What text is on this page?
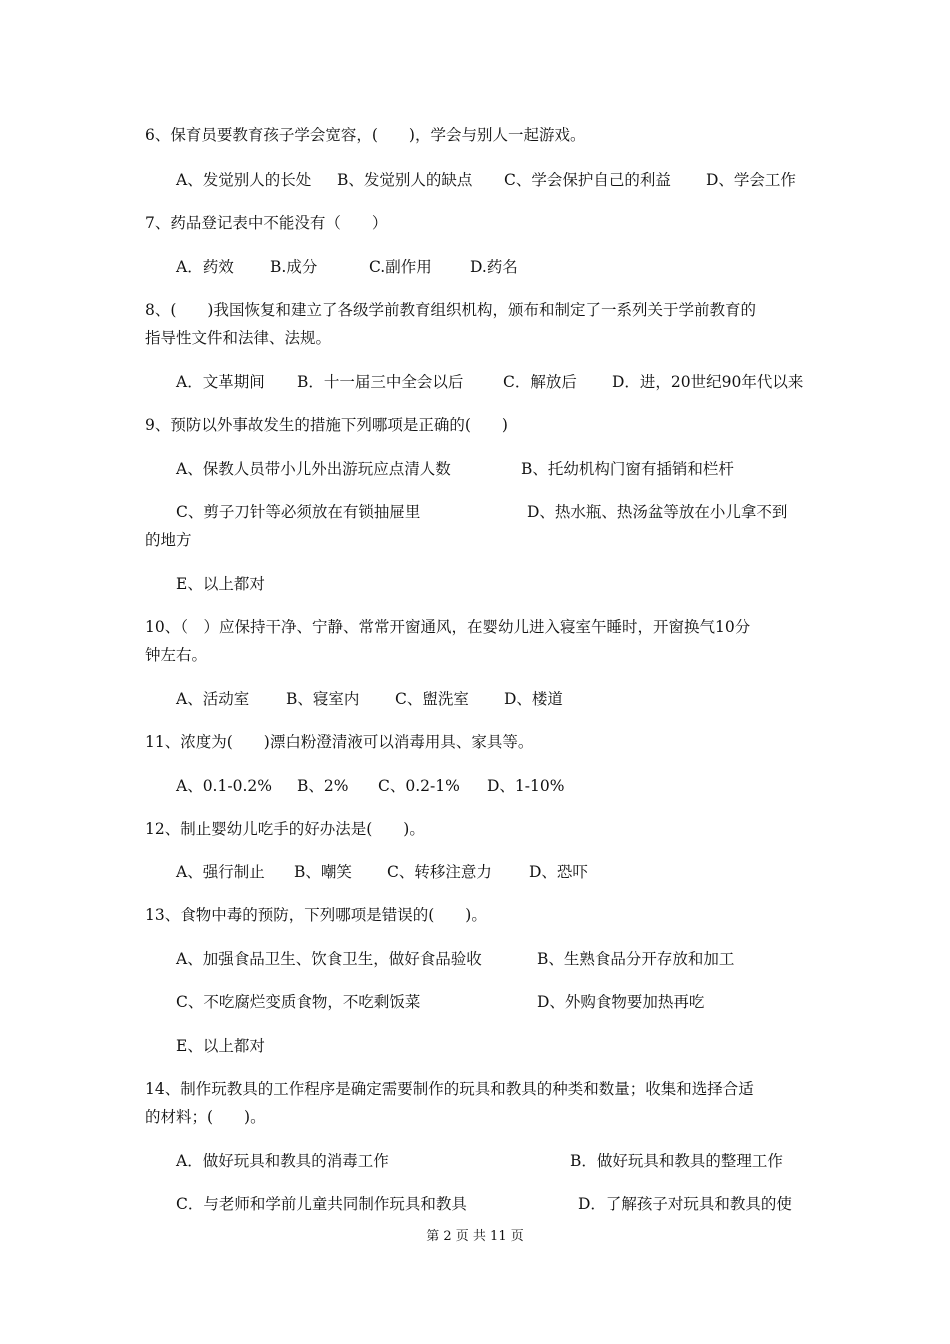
6、保育员要教育孩子学会宽容，(　　)，学会与别人一起游戏。
A、发觉别人的长处 B、发觉别人的缺点 C、学会保护自己的利益 D、学会工作
7、药品登记表中不能没有（　　）
A．药效 B.成分	C.副作用 D.药名
8、(　　)我国恢复和建立了各级学前教育组织机构，颁布和制定了一系列关于学前教育的
指导性文件和法律、法规。
A．文革期间 B．十一届三中全会以后	C．解放后 D．进，20世纪90年代以来
9、预防以外事故发生的措施下列哪项是正确的(　　)
A、保教人员带小儿外出游玩应点清人数	B、托幼机构门窗有插销和栏杆
C、剪子刀针等必须放在有锁抽屉里	D、热水瓶、热汤盆等放在小儿拿不到
的地方
E、以上都对
10、（　）应保持干净、宁静、常常开窗通风，在婴幼儿进入寝室午睡时，开窗换气10分
钟左右。
A、活动室 B、寝室内 C、盥洗室 D、楼道
11、浓度为(　　)漂白粉澄清液可以消毒用具、家具等。
A、0.1-0.2% B、2% C、0.2-1% D、1-10%
12、制止婴幼儿吃手的好办法是(　　)。
A、强行制止 B、嘲笑 C、转移注意力 D、恐吓
13、食物中毒的预防，下列哪项是错误的(　　)。
A、加强食品卫生、饮食卫生，做好食品验收	B、生熟食品分开存放和加工
C、不吃腐烂变质食物，不吃剩饭菜	D、外购食物要加热再吃
E、以上都对
14、制作玩教具的工作程序是确定需要制作的玩具和教具的种类和数量；收集和选择合适
的材料；(　　)。
A．做好玩具和教具的消毒工作	B．做好玩具和教具的整理工作
C．与老师和学前儿童共同制作玩具和教具	D．了解孩子对玩具和教具的使
第 2 页 共 11 页
